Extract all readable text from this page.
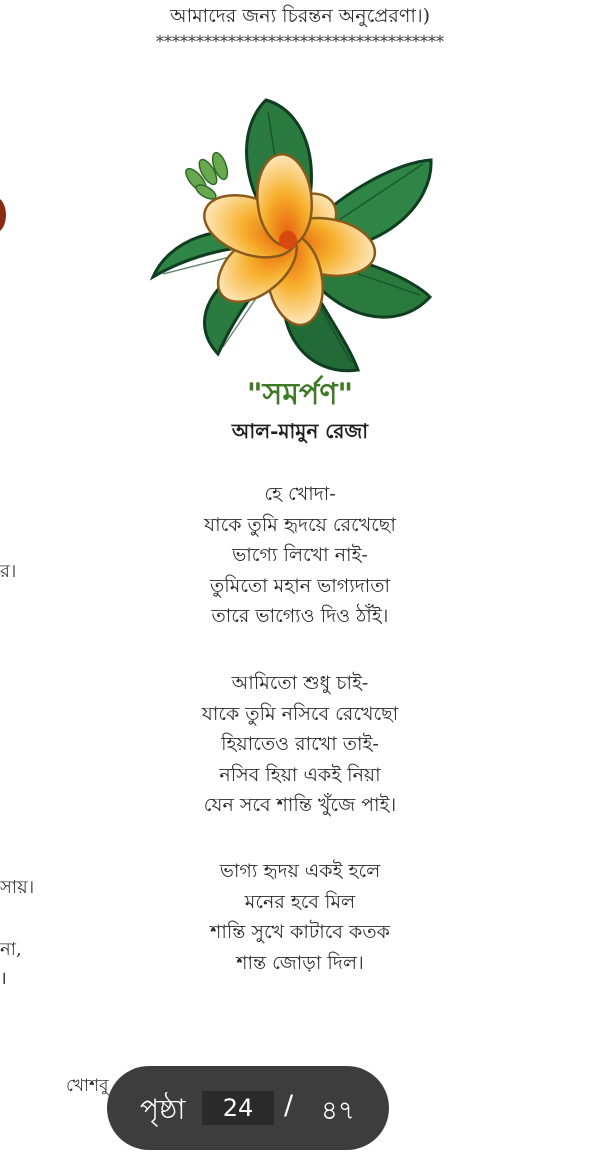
আমাদের জন্য চিরন্তন অনুপ্রেরণা।)
************************************
র।
সায়।
না,
।
"সমর্পণ"
আল-মামুন রেজা
হে খোদা-
যাকে তুমি হৃদয়ে রেখেছো
ভাগ্যে লিখো নাই-
তুমিতো মহান ভাগ্যদাতা
তারে ভাগ্যেও দিও ঠাঁই।
আমিতো শুধু চাই-
যাকে তুমি নসিবে রেখেছো
হিয়াতেও রাখো তাই-
নসিব হিয়া একই নিয়া
যেন সবে শান্তি খুঁজে পাই।
ভাগ্য হৃদয় একই হলে
মনের হবে মিল
শান্তি সুখে কাটাবে কতক
শান্ত জোড়া দিল।
খোশবু
পৃষ্ঠা
24	/ ৪৭
